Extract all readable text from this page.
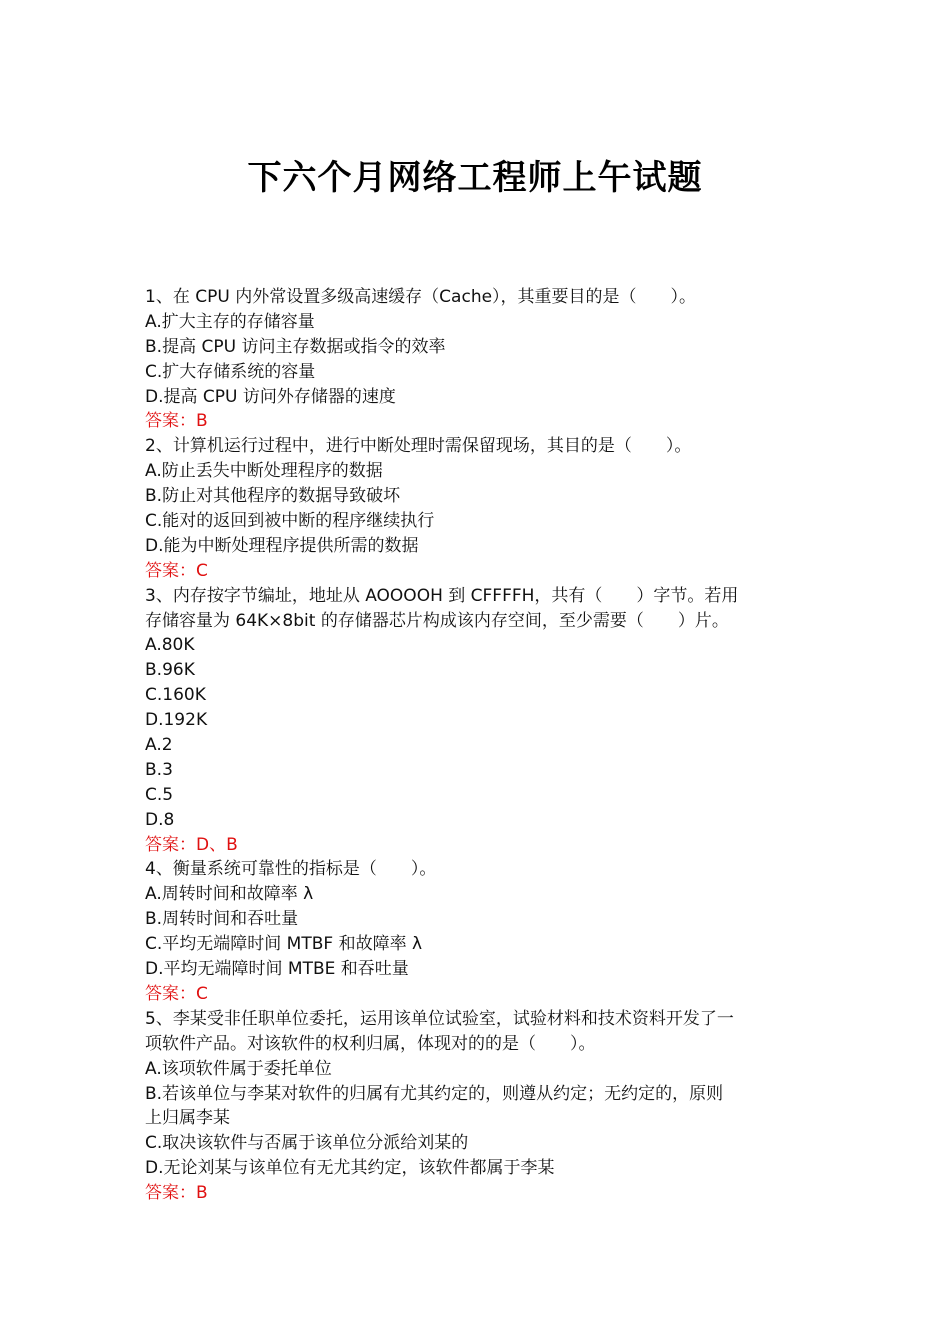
下六个月网络工程师上午试题
1、在 CPU 内外常设置多级高速缓存（Cache），其重要目的是（　　）。
A.扩大主存的存储容量
B.提高 CPU 访问主存数据或指令的效率
C.扩大存储系统的容量
D.提高 CPU 访问外存储器的速度
答案：B
2、计算机运行过程中，进行中断处理时需保留现场，其目的是（　　）。
A.防止丢失中断处理程序的数据
B.防止对其他程序的数据导致破坏
C.能对的返回到被中断的程序继续执行
D.能为中断处理程序提供所需的数据
答案：C
3、内存按字节编址，地址从 AOOOOH 到 CFFFFH，共有（　　）字节。若用
存储容量为 64K×8bit 的存储器芯片构成该内存空间，至少需要（　　）片。
A.80K
B.96K
C.160K
D.192K
A.2
B.3
C.5
D.8
答案：D、B
4、衡量系统可靠性的指标是（　　）。
A.周转时间和故障率 λ
B.周转时间和吞吐量
C.平均无端障时间 MTBF 和故障率 λ
D.平均无端障时间 MTBE 和吞吐量
答案：C
5、李某受非任职单位委托，运用该单位试验室，试验材料和技术资料开发了一
项软件产品。对该软件的权利归属，体现对的的是（　　）。
A.该项软件属于委托单位
B.若该单位与李某对软件的归属有尤其约定的，则遵从约定；无约定的，原则
上归属李某
C.取决该软件与否属于该单位分派给刘某的
D.无论刘某与该单位有无尤其约定，该软件都属于李某
答案：B
